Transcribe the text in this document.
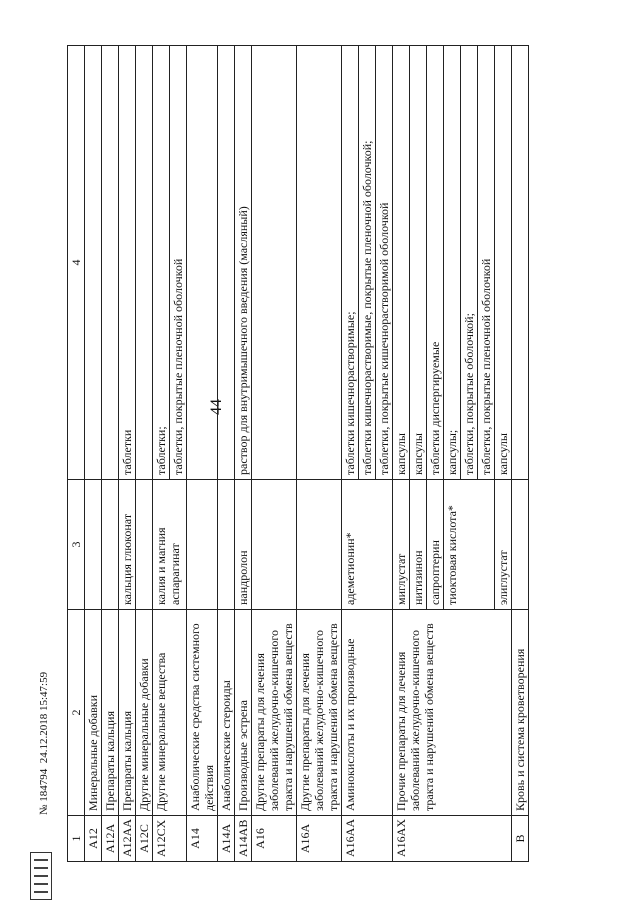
44
1	2	3	4
A12	Минеральные добавки		
A12A	Препараты кальция		
A12AA	Препараты кальция	кальция глюконат	таблетки
A12C	Другие минеральные добавки		
A12CX	Другие минеральные вещества	калия и магния аспарагинат	таблетки;
			таблетки, покрытые пленочной оболочкой
A14	Анаболические средства системного действия		
A14A	Анаболические стероиды		
A14AB	Производные эстрена	нандролон	раствор для внутримышечного введения (масляный)
A16	Другие препараты для лечения заболеваний желудочно-кишечного тракта и нарушений обмена веществ		
A16A	Другие препараты для лечения заболеваний желудочно-кишечного тракта и нарушений обмена веществ		
A16AA	Аминокислоты и их производные	адеметионин*	таблетки кишечнорастворимые;
			таблетки кишечнорастворимые, покрытые пленочной оболочкой;
			таблетки, покрытые кишечнорастворимой оболочкой
A16AX	Прочие препараты для лечения заболеваний желудочно-кишечного тракта и нарушений обмена веществ	миглустат	капсулы
		нитизинон	капсулы
		сапроптерин	таблетки диспергируемые
		тиоктовая кислота*	капсулы;
			таблетки, покрытые оболочкой;
			таблетки, покрытые пленочной оболочкой
		элиглустат	капсулы
B	Кровь и система кроветворения		
№ 184794  24.12.2018 15:47:59
